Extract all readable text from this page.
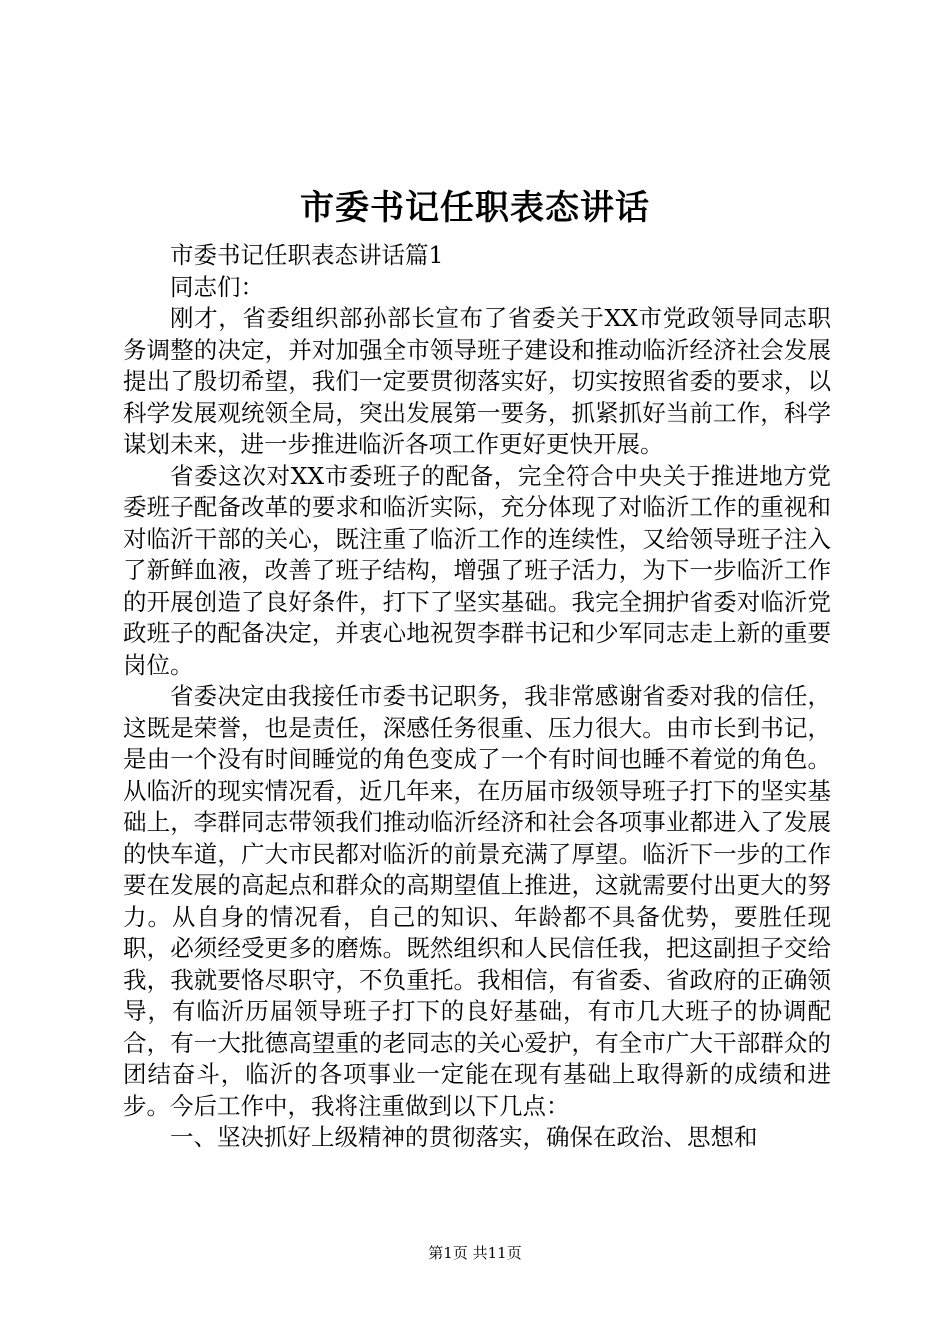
市委书记任职表态讲话

市委书记任职表态讲话篇1

同志们：

刚才，省委组织部孙部长宣布了省委关于XX市党政领导同志职务调整的决定，并对加强全市领导班子建设和推动临沂经济社会发展提出了殷切希望，我们一定要贯彻落实好，切实按照省委的要求，以科学发展观统领全局，突出发展第一要务，抓紧抓好当前工作，科学谋划未来，进一步推进临沂各项工作更好更快开展。

省委这次对XX市委班子的配备，完全符合中央关于推进地方党委班子配备改革的要求和临沂实际，充分体现了对临沂工作的重视和对临沂干部的关心，既注重了临沂工作的连续性，又给领导班子注入了新鲜血液，改善了班子结构，增强了班子活力，为下一步临沂工作的开展创造了良好条件，打下了坚实基础。我完全拥护省委对临沂党政班子的配备决定，并衷心地祝贺李群书记和少军同志走上新的重要岗位。

省委决定由我接任市委书记职务，我非常感谢省委对我的信任，这既是荣誉，也是责任，深感任务很重、压力很大。由市长到书记，是由一个没有时间睡觉的角色变成了一个有时间也睡不着觉的角色。从临沂的现实情况看，近几年来，在历届市级领导班子打下的坚实基础上，李群同志带领我们推动临沂经济和社会各项事业都进入了发展的快车道，广大市民都对临沂的前景充满了厚望。临沂下一步的工作要在发展的高起点和群众的高期望值上推进，这就需要付出更大的努力。从自身的情况看，自己的知识、年龄都不具备优势，要胜任现职，必须经受更多的磨炼。既然组织和人民信任我，把这副担子交给我，我就要恪尽职守，不负重托。我相信，有省委、省政府的正确领导，有临沂历届领导班子打下的良好基础，有市几大班子的协调配合，有一大批德高望重的老同志的关心爱护，有全市广大干部群众的团结奋斗，临沂的各项事业一定能在现有基础上取得新的成绩和进步。今后工作中，我将注重做到以下几点：

一、坚决抓好上级精神的贯彻落实，确保在政治、思想和

第1页 共11页
